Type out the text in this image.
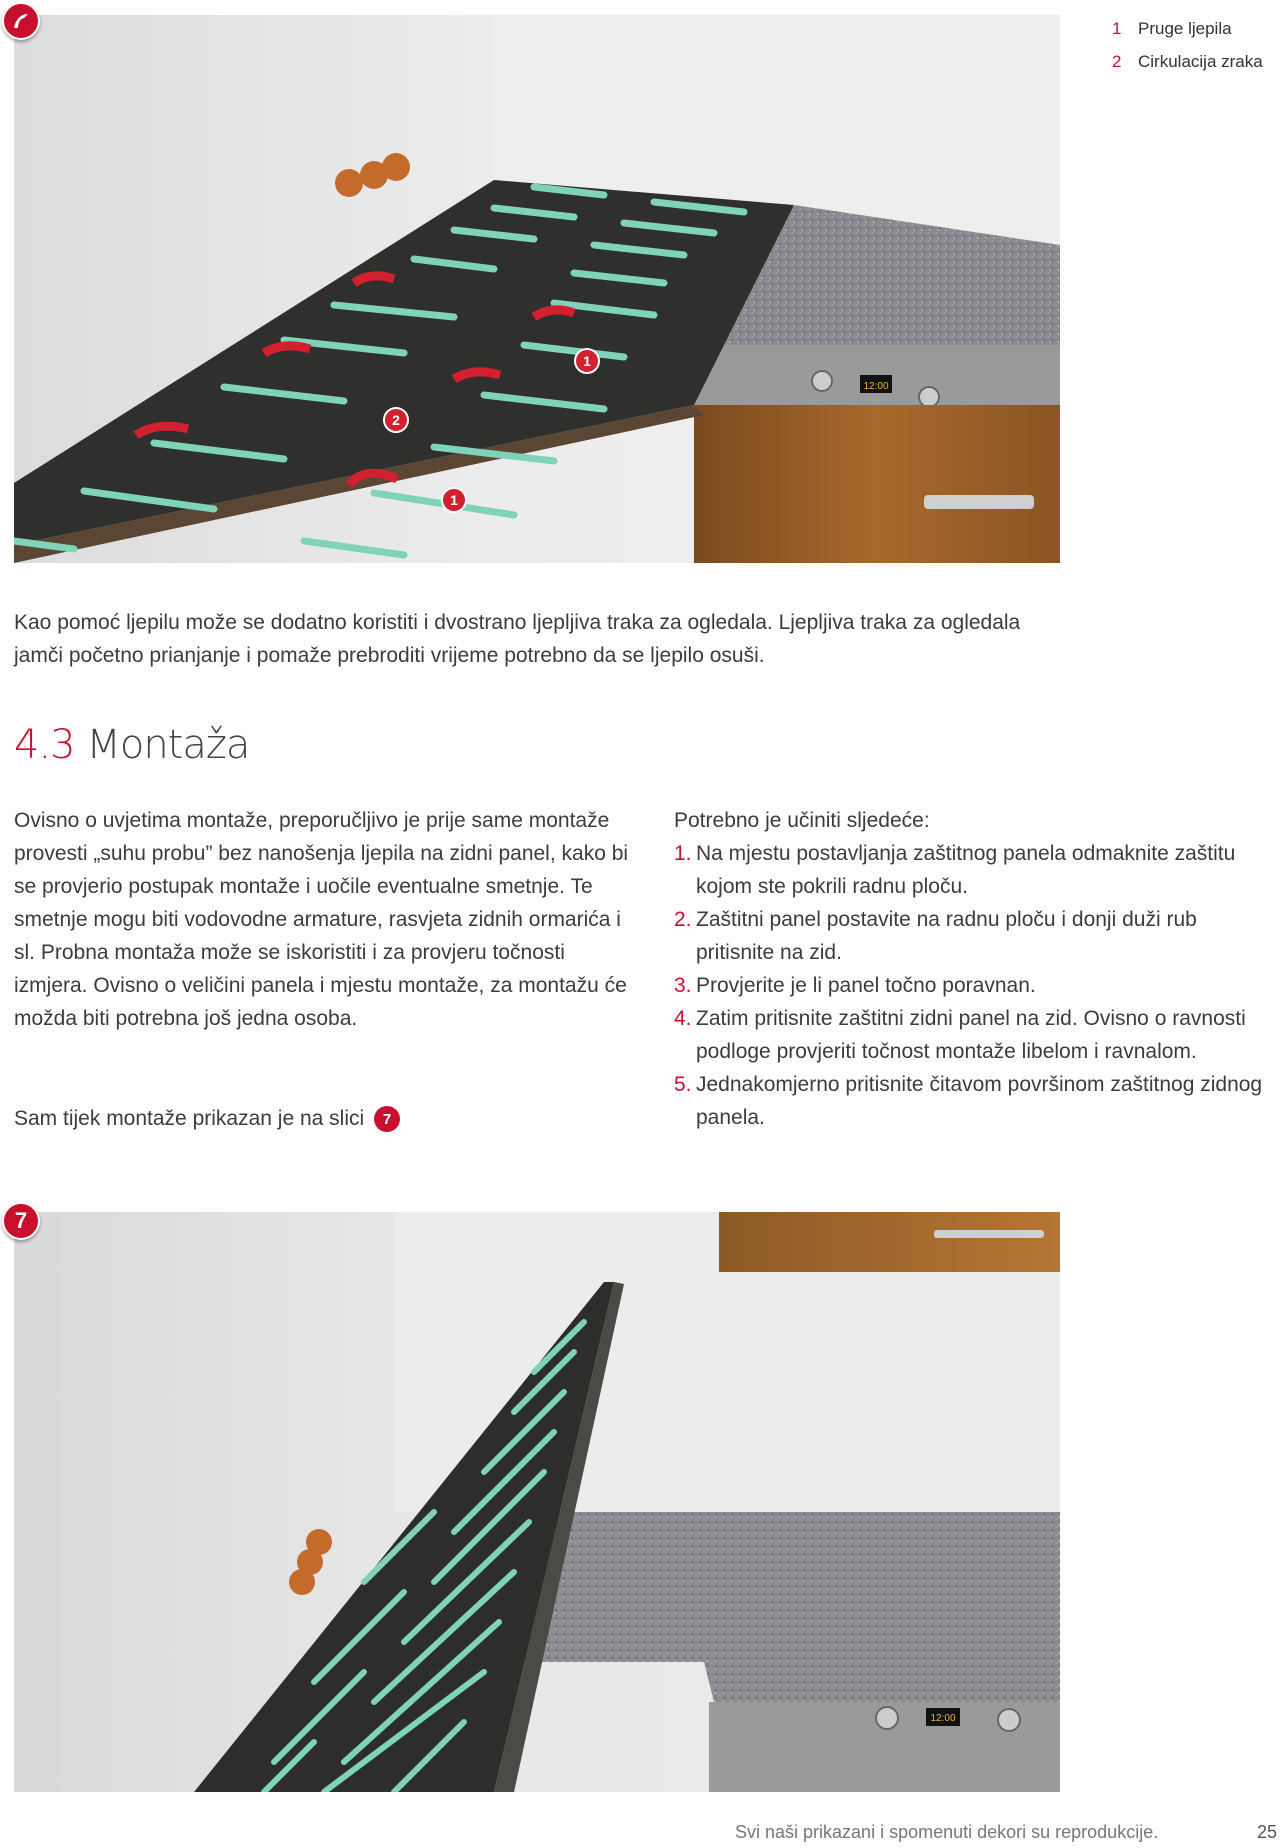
12:00
1
2
1
1 Pruge ljepila
2 Cirkulacija zraka
Kao pomoć ljepilu može se dodatno koristiti i dvostrano ljepljiva traka za ogledala. Ljepljiva traka za ogledala jamči početno prianjanje i pomaže prebroditi vrijeme potrebno da se ljepilo osuši.
4.3 Montaža
Ovisno o uvjetima montaže, preporučljivo je prije same montaže provesti „suhu probu” bez nanošenja ljepila na zidni panel, kako bi se provjerio postupak montaže i uočile eventualne smetnje. Te smetnje mogu biti vodovodne armature, rasvjeta zidnih ormarića i sl. Probna montaža može se iskoristiti i za provjeru točnosti izmjera. Ovisno o veličini panela i mjestu montaže, za montažu će možda biti potrebna još jedna osoba.
Sam tijek montaže prikazan je na slici 7
Potrebno je učiniti sljedeće:
1. Na mjestu postavljanja zaštitnog panela odmaknite zaštitu kojom ste pokrili radnu ploču.
2. Zaštitni panel postavite na radnu ploču i donji duži rub pritisnite na zid.
3. Provjerite je li panel točno poravnan.
4. Zatim pritisnite zaštitni zidni panel na zid. Ovisno o ravnosti podloge provjeriti točnost montaže libelom i ravnalom.
5. Jednakomjerno pritisnite čitavom površinom zaštitnog zidnog panela.
12:00
7
Svi naši prikazani i spomenuti dekori su reprodukcije.	25
